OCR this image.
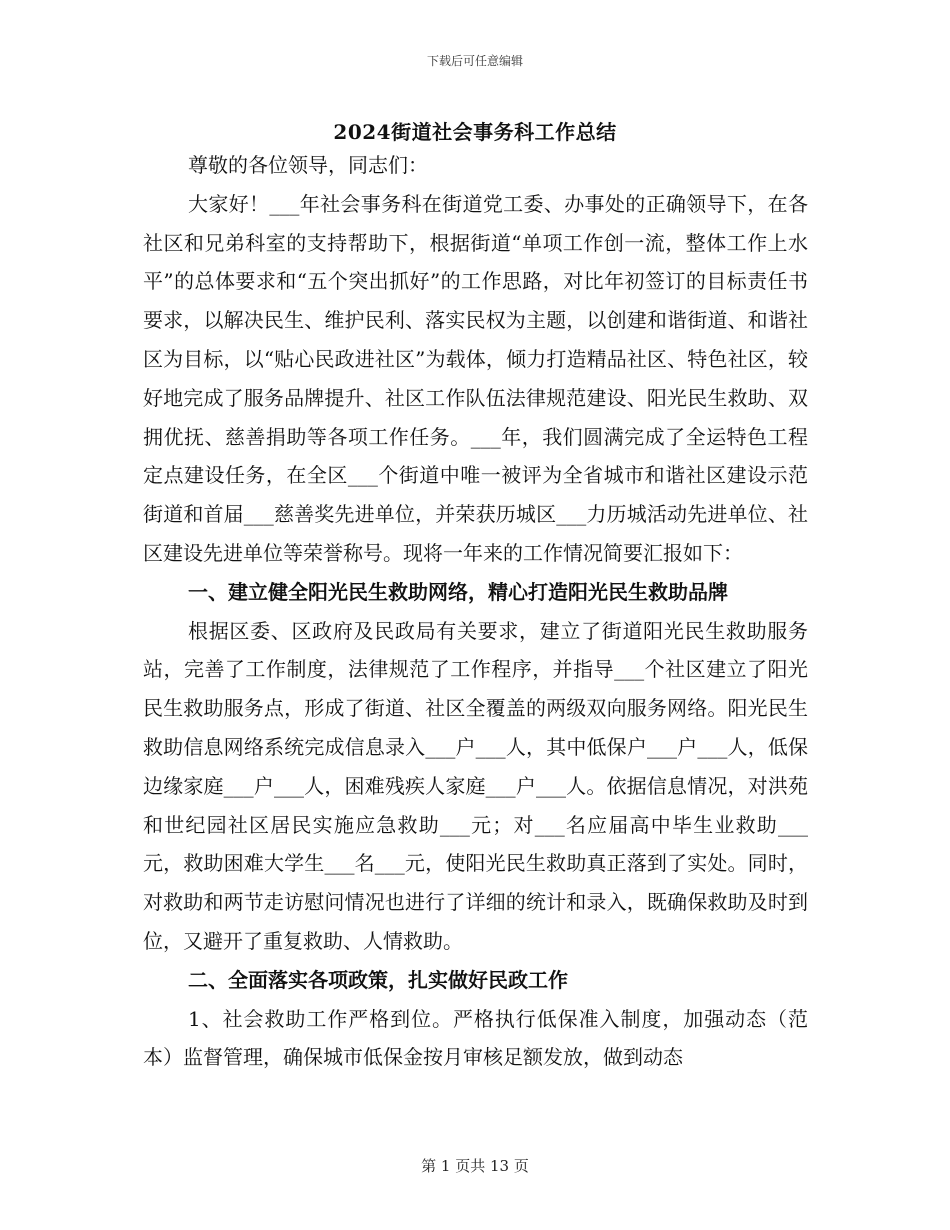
下载后可任意编辑
2024街道社会事务科工作总结

尊敬的各位领导，同志们：

大家好！___年社会事务科在街道党工委、办事处的正确领导下，在各社区和兄弟科室的支持帮助下，根据街道“单项工作创一流，整体工作上水平”的总体要求和“五个突出抓好”的工作思路，对比年初签订的目标责任书要求，以解决民生、维护民利、落实民权为主题，以创建和谐街道、和谐社区为目标，以“贴心民政进社区”为载体，倾力打造精品社区、特色社区，较好地完成了服务品牌提升、社区工作队伍法律规范建设、阳光民生救助、双拥优抚、慈善捐助等各项工作任务。___年，我们圆满完成了全运特色工程定点建设任务，在全区___个街道中唯一被评为全省城市和谐社区建设示范街道和首届___慈善奖先进单位，并荣获历城区___力历城活动先进单位、社区建设先进单位等荣誉称号。现将一年来的工作情况简要汇报如下：

一、建立健全阳光民生救助网络，精心打造阳光民生救助品牌

根据区委、区政府及民政局有关要求，建立了街道阳光民生救助服务站，完善了工作制度，法律规范了工作程序，并指导___个社区建立了阳光民生救助服务点，形成了街道、社区全覆盖的两级双向服务网络。阳光民生救助信息网络系统完成信息录入___户___人，其中低保户___户___人，低保边缘家庭___户___人，困难残疾人家庭___户___人。依据信息情况，对洪苑和世纪园社区居民实施应急救助___元；对___名应届高中毕生业救助___元，救助困难大学生___名___元，使阳光民生救助真正落到了实处。同时，对救助和两节走访慰问情况也进行了详细的统计和录入，既确保救助及时到位，又避开了重复救助、人情救助。

二、全面落实各项政策，扎实做好民政工作

1、社会救助工作严格到位。严格执行低保准入制度，加强动态（范本）监督管理，确保城市低保金按月审核足额发放，做到动态

第 1 页共 13 页
